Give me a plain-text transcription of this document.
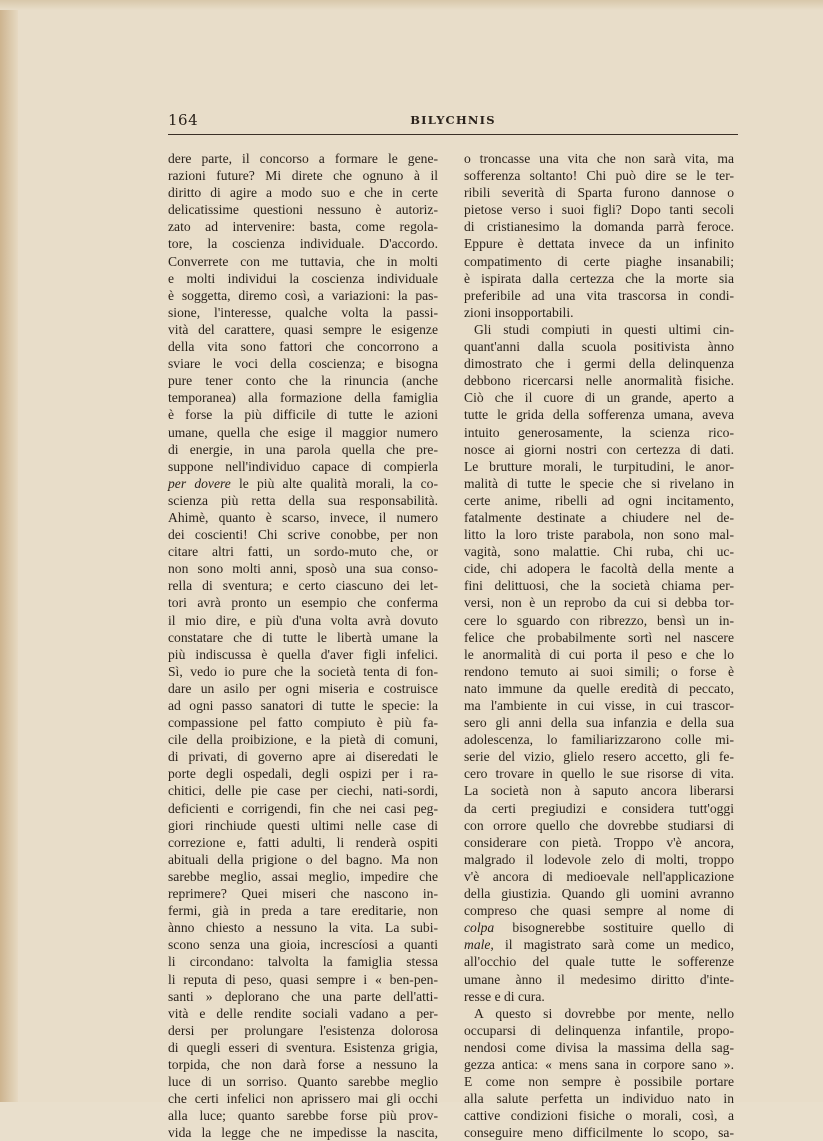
164	BILYCHNIS
dere parte, il concorso a formare le gene-
razioni future? Mi direte che ognuno à il
diritto di agire a modo suo e che in certe
delicatissime questioni nessuno è autoriz-
zato ad intervenire: basta, come regola-
tore, la coscienza individuale. D'accordo.
Converrete con me tuttavia, che in molti
e molti individui la coscienza individuale
è soggetta, diremo così, a variazioni: la pas-
sione, l'interesse, qualche volta la passi-
vità del carattere, quasi sempre le esigenze
della vita sono fattori che concorrono a
sviare le voci della coscienza; e bisogna
pure tener conto che la rinuncia (anche
temporanea) alla formazione della famiglia
è forse la più difficile di tutte le azioni
umane, quella che esige il maggior numero
di energie, in una parola quella che pre-
suppone nell'individuo capace di compierla
per dovere le più alte qualità morali, la co-
scienza più retta della sua responsabilità.
Ahimè, quanto è scarso, invece, il numero
dei coscienti! Chi scrive conobbe, per non
citare altri fatti, un sordo-muto che, or
non sono molti anni, sposò una sua conso-
rella di sventura; e certo ciascuno dei let-
tori avrà pronto un esempio che conferma
il mio dire, e più d'una volta avrà dovuto
constatare che di tutte le libertà umane la
più indiscussa è quella d'aver figli infelici.
Sì, vedo io pure che la società tenta di fon-
dare un asilo per ogni miseria e costruisce
ad ogni passo sanatori di tutte le specie: la
compassione pel fatto compiuto è più fa-
cile della proibizione, e la pietà di comuni,
di privati, di governo apre ai diseredati le
porte degli ospedali, degli ospizi per i ra-
chitici, delle pie case per ciechi, nati-sordi,
deficienti e corrigendi, fin che nei casi peg-
giori rinchiude questi ultimi nelle case di
correzione e, fatti adulti, li renderà ospiti
abituali della prigione o del bagno. Ma non
sarebbe meglio, assai meglio, impedire che
reprimere? Quei miseri che nascono in-
fermi, già in preda a tare ereditarie, non
ànno chiesto a nessuno la vita. La subi-
scono senza una gioia, increscíosi a quanti
li circondano: talvolta la famiglia stessa
li reputa di peso, quasi sempre i « ben-pen-
santi » deplorano che una parte dell'atti-
vità e delle rendite sociali vadano a per-
dersi per prolungare l'esistenza dolorosa
di quegli esseri di sventura. Esistenza grigia,
torpida, che non darà forse a nessuno la
luce di un sorriso. Quanto sarebbe meglio
che certi infelici non aprissero mai gli occhi
alla luce; quanto sarebbe forse più prov-
vida la legge che ne impedisse la nascita,
o troncasse una vita che non sarà vita, ma
sofferenza soltanto! Chi può dire se le ter-
ribili severità di Sparta furono dannose o
pietose verso i suoi figli? Dopo tanti secoli
di cristianesimo la domanda parrà feroce.
Eppure è dettata invece da un infinito
compatimento di certe piaghe insanabili;
è ispirata dalla certezza che la morte sia
preferibile ad una vita trascorsa in condi-
zioni insopportabili.
Gli studi compiuti in questi ultimi cin-
quant'anni dalla scuola positivista ànno
dimostrato che i germi della delinquenza
debbono ricercarsi nelle anormalità fisiche.
Ciò che il cuore di un grande, aperto a
tutte le grida della sofferenza umana, aveva
intuito generosamente, la scienza rico-
nosce ai giorni nostri con certezza di dati.
Le brutture morali, le turpitudini, le anor-
malità di tutte le specie che si rivelano in
certe anime, ribelli ad ogni incitamento,
fatalmente destinate a chiudere nel de-
litto la loro triste parabola, non sono mal-
vagità, sono malattie. Chi ruba, chi uc-
cide, chi adopera le facoltà della mente a
fini delittuosi, che la società chiama per-
versi, non è un reprobo da cui si debba tor-
cere lo sguardo con ribrezzo, bensì un in-
felice che probabilmente sortì nel nascere
le anormalità di cui porta il peso e che lo
rendono temuto ai suoi simili; o forse è
nato immune da quelle eredità di peccato,
ma l'ambiente in cui visse, in cui trascor-
sero gli anni della sua infanzia e della sua
adolescenza, lo familiarizzarono colle mi-
serie del vizio, glielo resero accetto, gli fe-
cero trovare in quello le sue risorse di vita.
La società non à saputo ancora liberarsi
da certi pregiudizi e considera tutt'oggi
con orrore quello che dovrebbe studiarsi di
considerare con pietà. Troppo v'è ancora,
malgrado il lodevole zelo di molti, troppo
v'è ancora di medioevale nell'applicazione
della giustizia. Quando gli uomini avranno
compreso che quasi sempre al nome di
colpa bisognerebbe sostituire quello di
male, il magistrato sarà come un medico,
all'occhio del quale tutte le sofferenze
umane ànno il medesimo diritto d'inte-
resse e di cura.
A questo si dovrebbe por mente, nello
occuparsi di delinquenza infantile, propo-
nendosi come divisa la massima della sag-
gezza antica: « mens sana in corpore sano ».
E come non sempre è possibile portare
alla salute perfetta un individuo nato in
cattive condizioni fisiche o morali, così, a
conseguire meno difficilmente lo scopo, sa-
